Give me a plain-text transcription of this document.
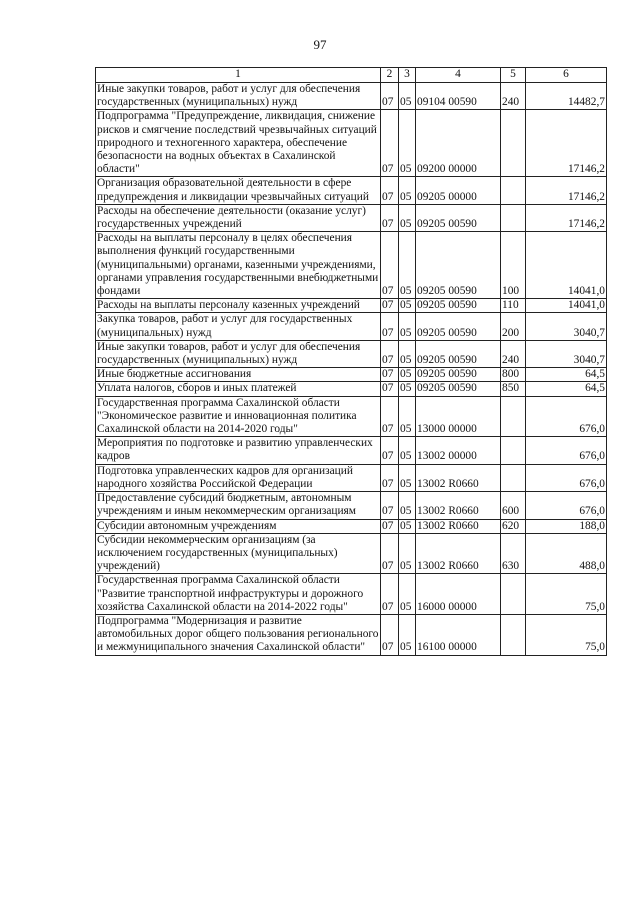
97
1	2	3	4	5	6
Иные закупки товаров, работ и услуг для обеспечения государственных (муниципальных) нужд	07	05	09104 00590	240	14482,7
Подпрограмма "Предупреждение, ликвидация, снижение рисков и смягчение последствий чрезвычайных ситуаций природного и техногенного характера, обеспечение безопасности на водных объектах в Сахалинской области"	07	05	09200 00000		17146,2
Организация образовательной деятельности в сфере предупреждения и ликвидации чрезвычайных ситуаций	07	05	09205 00000		17146,2
Расходы на обеспечение деятельности (оказание услуг) государственных учреждений	07	05	09205 00590		17146,2
Расходы на выплаты персоналу в целях обеспечения выполнения функций государственными (муниципальными) органами, казенными учреждениями, органами управления государственными внебюджетными фондами	07	05	09205 00590	100	14041,0
Расходы на выплаты персоналу казенных учреждений	07	05	09205 00590	110	14041,0
Закупка товаров, работ и услуг для государственных (муниципальных) нужд	07	05	09205 00590	200	3040,7
Иные закупки товаров, работ и услуг для обеспечения государственных (муниципальных) нужд	07	05	09205 00590	240	3040,7
Иные бюджетные ассигнования	07	05	09205 00590	800	64,5
Уплата налогов, сборов и иных платежей	07	05	09205 00590	850	64,5
Государственная программа Сахалинской области "Экономическое развитие и инновационная политика Сахалинской области на 2014-2020 годы"	07	05	13000 00000		676,0
Мероприятия по подготовке и развитию управленческих кадров	07	05	13002 00000		676,0
Подготовка управленческих кадров для организаций народного хозяйства Российской Федерации	07	05	13002 R0660		676,0
Предоставление субсидий бюджетным, автономным учреждениям и иным некоммерческим организациям	07	05	13002 R0660	600	676,0
Субсидии автономным учреждениям	07	05	13002 R0660	620	188,0
Субсидии некоммерческим организациям (за исключением государственных (муниципальных) учреждений)	07	05	13002 R0660	630	488,0
Государственная программа Сахалинской области "Развитие транспортной инфраструктуры и дорожного хозяйства Сахалинской области на 2014-2022 годы"	07	05	16000 00000		75,0
Подпрограмма "Модернизация и развитие автомобильных дорог общего пользования регионального и межмуниципального значения Сахалинской области"	07	05	16100 00000		75,0
